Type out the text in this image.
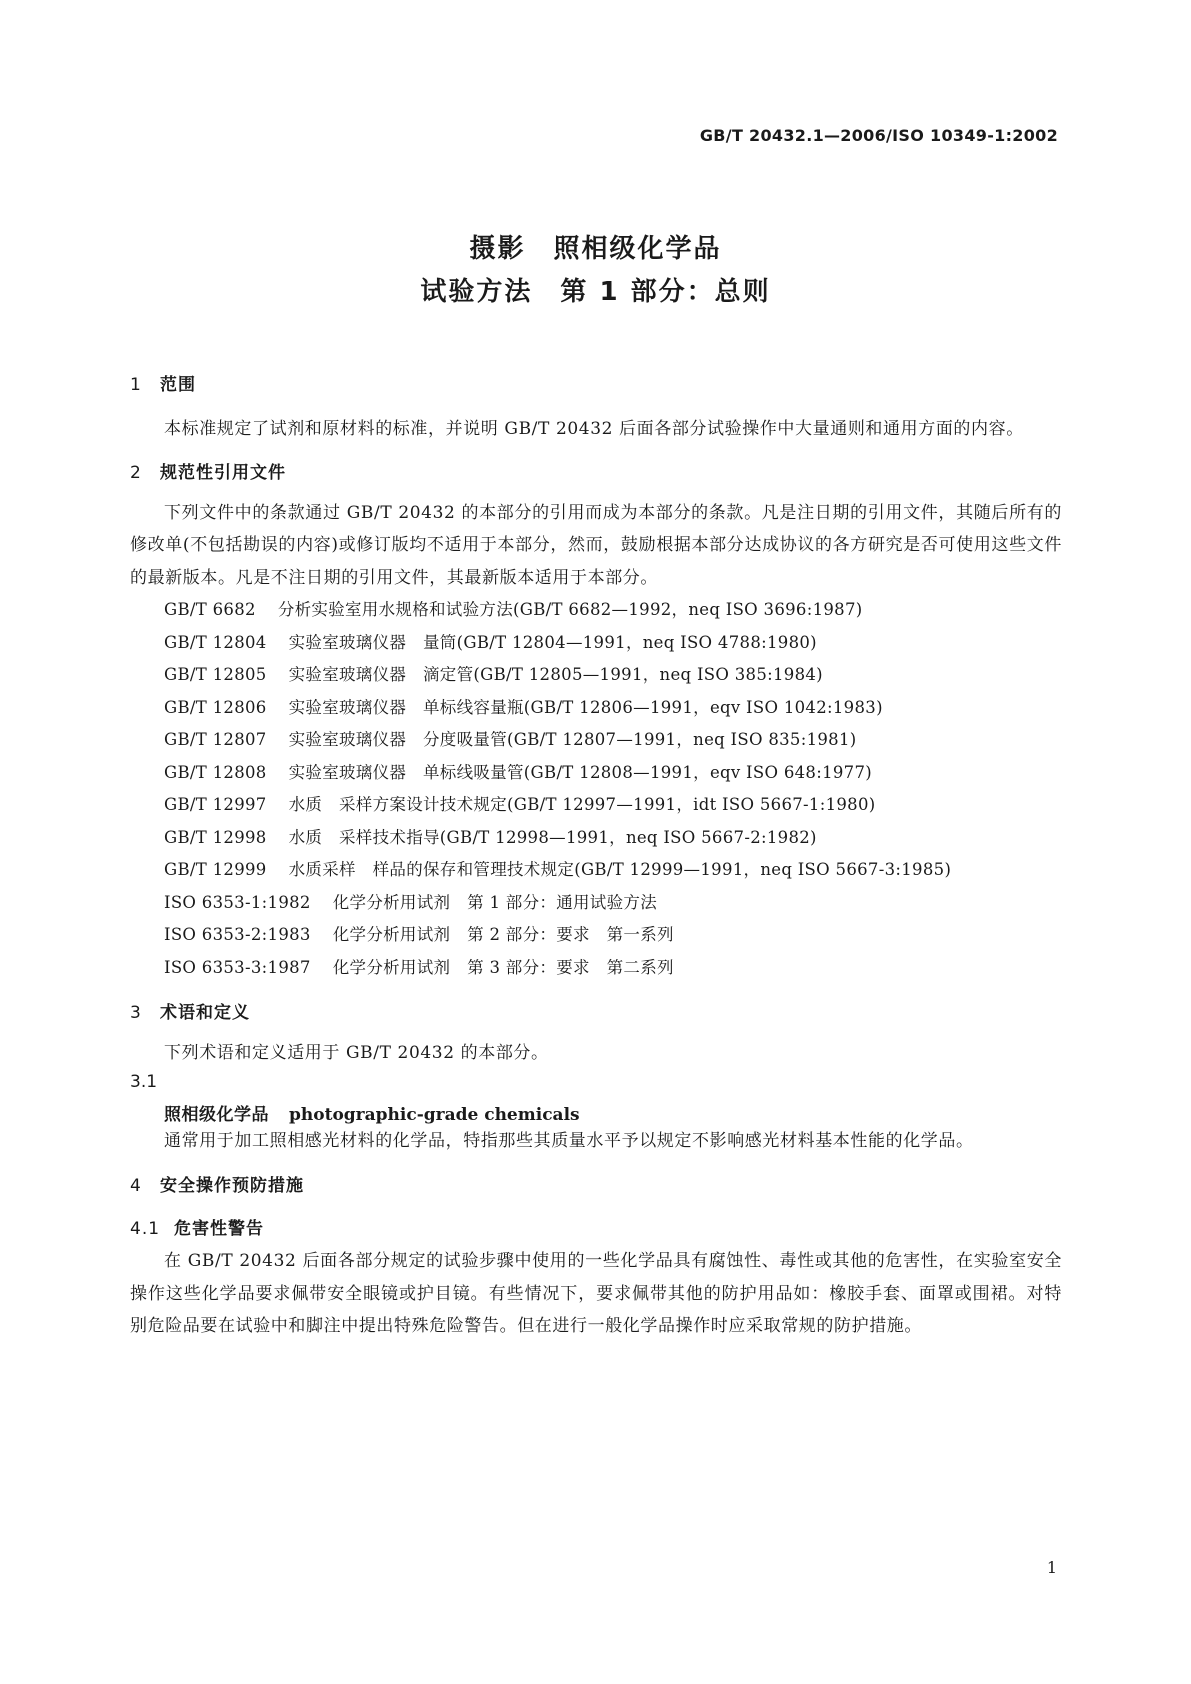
GB/T 20432.1—2006/ISO 10349-1:2002
摄影　照相级化学品
试验方法　第 1 部分：总则
1 范围
本标准规定了试剂和原材料的标准，并说明 GB/T 20432 后面各部分试验操作中大量通则和通用方面的内容。
2 规范性引用文件
下列文件中的条款通过 GB/T 20432 的本部分的引用而成为本部分的条款。凡是注日期的引用文件，其随后所有的修改单(不包括勘误的内容)或修订版均不适用于本部分，然而，鼓励根据本部分达成协议的各方研究是否可使用这些文件的最新版本。凡是不注日期的引用文件，其最新版本适用于本部分。
GB/T 6682 分析实验室用水规格和试验方法(GB/T 6682—1992，neq ISO 3696:1987)
GB/T 12804 实验室玻璃仪器　量筒(GB/T 12804—1991，neq ISO 4788:1980)
GB/T 12805 实验室玻璃仪器　滴定管(GB/T 12805—1991，neq ISO 385:1984)
GB/T 12806 实验室玻璃仪器　单标线容量瓶(GB/T 12806—1991，eqv ISO 1042:1983)
GB/T 12807 实验室玻璃仪器　分度吸量管(GB/T 12807—1991，neq ISO 835:1981)
GB/T 12808 实验室玻璃仪器　单标线吸量管(GB/T 12808—1991，eqv ISO 648:1977)
GB/T 12997 水质　采样方案设计技术规定(GB/T 12997—1991，idt ISO 5667-1:1980)
GB/T 12998 水质　采样技术指导(GB/T 12998—1991，neq ISO 5667-2:1982)
GB/T 12999 水质采样　样品的保存和管理技术规定(GB/T 12999—1991，neq ISO 5667-3:1985)
ISO 6353-1:1982 化学分析用试剂　第 1 部分：通用试验方法
ISO 6353-2:1983 化学分析用试剂　第 2 部分：要求　第一系列
ISO 6353-3:1987 化学分析用试剂　第 3 部分：要求　第二系列
3 术语和定义
下列术语和定义适用于 GB/T 20432 的本部分。
3.1
照相级化学品 photographic-grade chemicals
通常用于加工照相感光材料的化学品，特指那些其质量水平予以规定不影响感光材料基本性能的化学品。
4 安全操作预防措施
4.1 危害性警告
在 GB/T 20432 后面各部分规定的试验步骤中使用的一些化学品具有腐蚀性、毒性或其他的危害性，在实验室安全操作这些化学品要求佩带安全眼镜或护目镜。有些情况下，要求佩带其他的防护用品如：橡胶手套、面罩或围裙。对特别危险品要在试验中和脚注中提出特殊危险警告。但在进行一般化学品操作时应采取常规的防护措施。
1
